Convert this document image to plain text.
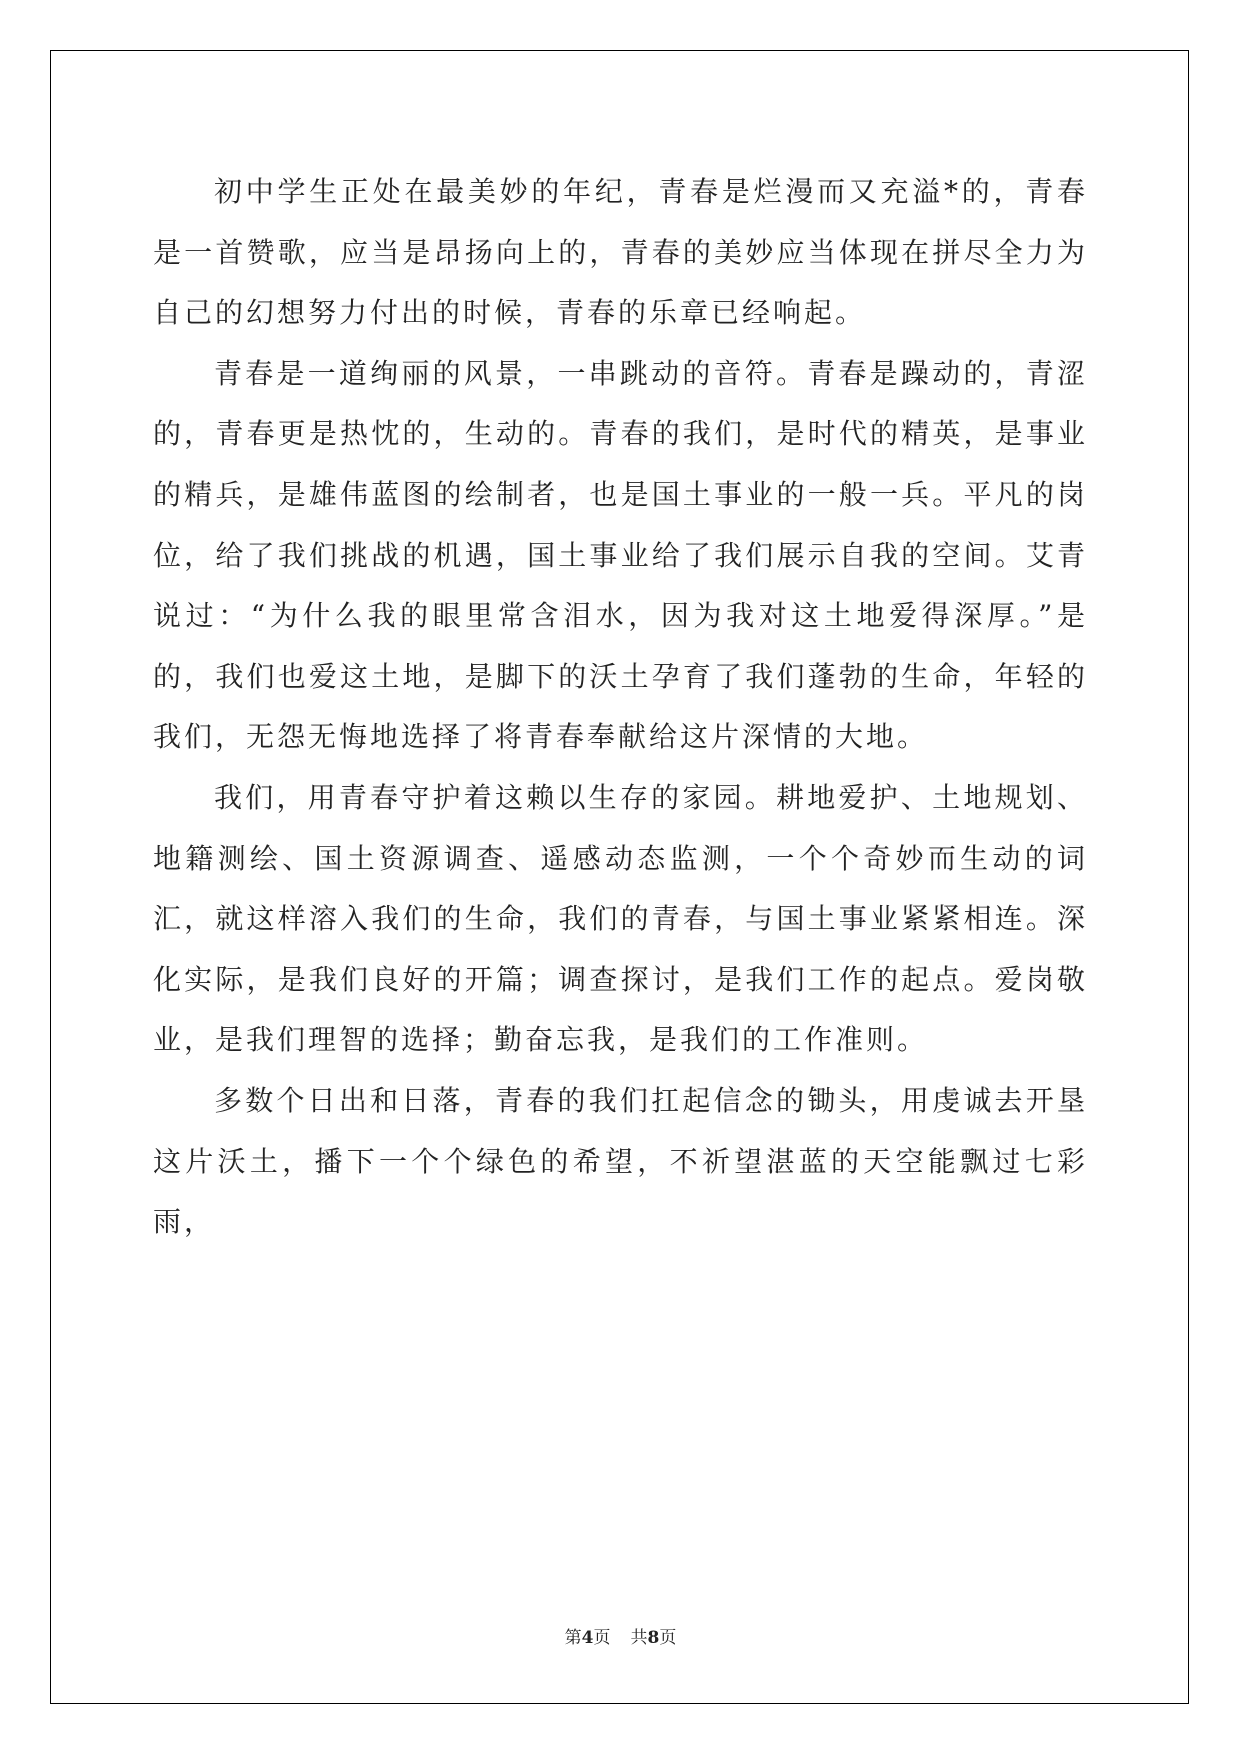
初中学生正处在最美妙的年纪，青春是烂漫而又充溢*的，青春是一首赞歌，应当是昂扬向上的，青春的美妙应当体现在拼尽全力为自己的幻想努力付出的时候，青春的乐章已经响起。

青春是一道绚丽的风景，一串跳动的音符。青春是躁动的，青涩的，青春更是热忱的，生动的。青春的我们，是时代的精英，是事业的精兵，是雄伟蓝图的绘制者，也是国土事业的一般一兵。平凡的岗位，给了我们挑战的机遇，国土事业给了我们展示自我的空间。艾青说过：“为什么我的眼里常含泪水，因为我对这土地爱得深厚。”是的，我们也爱这土地，是脚下的沃土孕育了我们蓬勃的生命，年轻的我们，无怨无悔地选择了将青春奉献给这片深情的大地。

我们，用青春守护着这赖以生存的家园。耕地爱护、土地规划、地籍测绘、国土资源调查、遥感动态监测，一个个奇妙而生动的词汇，就这样溶入我们的生命，我们的青春，与国土事业紧紧相连。深化实际，是我们良好的开篇；调查探讨，是我们工作的起点。爱岗敬业，是我们理智的选择；勤奋忘我，是我们的工作准则。

多数个日出和日落，青春的我们扛起信念的锄头，用虔诚去开垦这片沃土，播下一个个绿色的希望，不祈望湛蓝的天空能飘过七彩雨，

第4页 共8页
